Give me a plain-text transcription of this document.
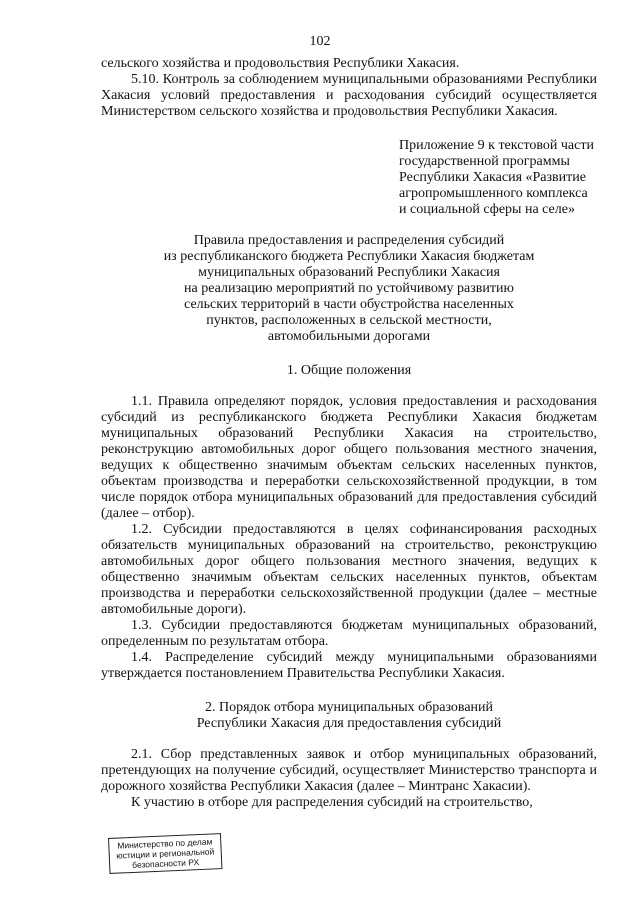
102

сельского хозяйства и продовольствия Республики Хакасия.

5.10. Контроль за соблюдением муниципальными образованиями Республики Хакасия условий предоставления и расходования субсидий осуществляется Министерством сельского хозяйства и продовольствия Республики Хакасия.

Приложение 9 к текстовой части государственной программы Республики Хакасия «Развитие агропромышленного комплекса и социальной сферы на селе»
Правила предоставления и распределения субсидий
из республиканского бюджета Республики Хакасия бюджетам
муниципальных образований Республики Хакасия
на реализацию мероприятий по устойчивому развитию
сельских территорий в части обустройства населенных
пунктов, расположенных в сельской местности,
автомобильными дорогами
1. Общие положения

1.1. Правила определяют порядок, условия предоставления и расходования субсидий из республиканского бюджета Республики Хакасия бюджетам муниципальных образований Республики Хакасия на строительство, реконструкцию автомобильных дорог общего пользования местного значения, ведущих к общественно значимым объектам сельских населенных пунктов, объектам производства и переработки сельскохозяйственной продукции, в том числе порядок отбора муниципальных образований для предоставления субсидий (далее – отбор).

1.2. Субсидии предоставляются в целях софинансирования расходных обязательств муниципальных образований на строительство, реконструкцию автомобильных дорог общего пользования местного значения, ведущих к общественно значимым объектам сельских населенных пунктов, объектам производства и переработки сельскохозяйственной продукции (далее – местные автомобильные дороги).

1.3. Субсидии предоставляются бюджетам муниципальных образований, определенным по результатам отбора.

1.4. Распределение субсидий между муниципальными образованиями утверждается постановлением Правительства Республики Хакасия.

2. Порядок отбора муниципальных образований
Республики Хакасия для предоставления субсидий

2.1. Сбор представленных заявок и отбор муниципальных образований, претендующих на получение субсидий, осуществляет Министерство транспорта и дорожного хозяйства Республики Хакасия (далее – Минтранс Хакасии).

К участию в отборе для распределения субсидий на строительство,

Министерство по делам
юстиции и региональной
безопасности РХ
